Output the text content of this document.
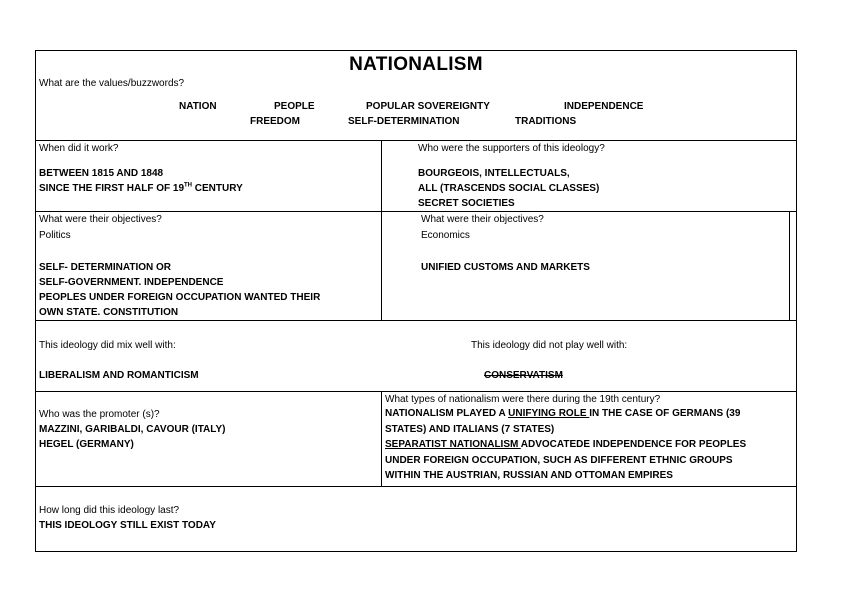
NATIONALISM
What are the values/buzzwords?
NATION	PEOPLE	POPULAR SOVEREIGNTY	INDEPENDENCE
FREEDOM	SELF-DETERMINATION	TRADITIONS
When did it work?
BETWEEN 1815 AND 1848
SINCE THE FIRST HALF OF 19TH CENTURY
Who were the supporters of this ideology?
BOURGEOIS, INTELLECTUALS,
ALL (TRASCENDS SOCIAL CLASSES)
SECRET SOCIETIES
What were their objectives?
Politics
SELF- DETERMINATION OR
SELF-GOVERNMENT. INDEPENDENCE
PEOPLES UNDER FOREIGN OCCUPATION WANTED THEIR
OWN STATE. CONSTITUTION
What were their objectives?
Economics
UNIFIED CUSTOMS AND MARKETS
This ideology did mix well with:
LIBERALISM AND ROMANTICISM
This ideology did not play well with:
CONSERVATISM
Who was the promoter (s)?
MAZZINI, GARIBALDI, CAVOUR (ITALY)
HEGEL (GERMANY)
What types of nationalism were there during the 19th century?
NATIONALISM PLAYED A UNIFYING ROLE IN THE CASE OF GERMANS (39
STATES) AND ITALIANS (7 STATES)
SEPARATIST NATIONALISM ADVOCATEDE INDEPENDENCE FOR PEOPLES
UNDER FOREIGN OCCUPATION, SUCH AS DIFFERENT ETHNIC GROUPS
WITHIN THE AUSTRIAN, RUSSIAN AND OTTOMAN EMPIRES
How long did this ideology last?
THIS IDEOLOGY STILL EXIST TODAY
